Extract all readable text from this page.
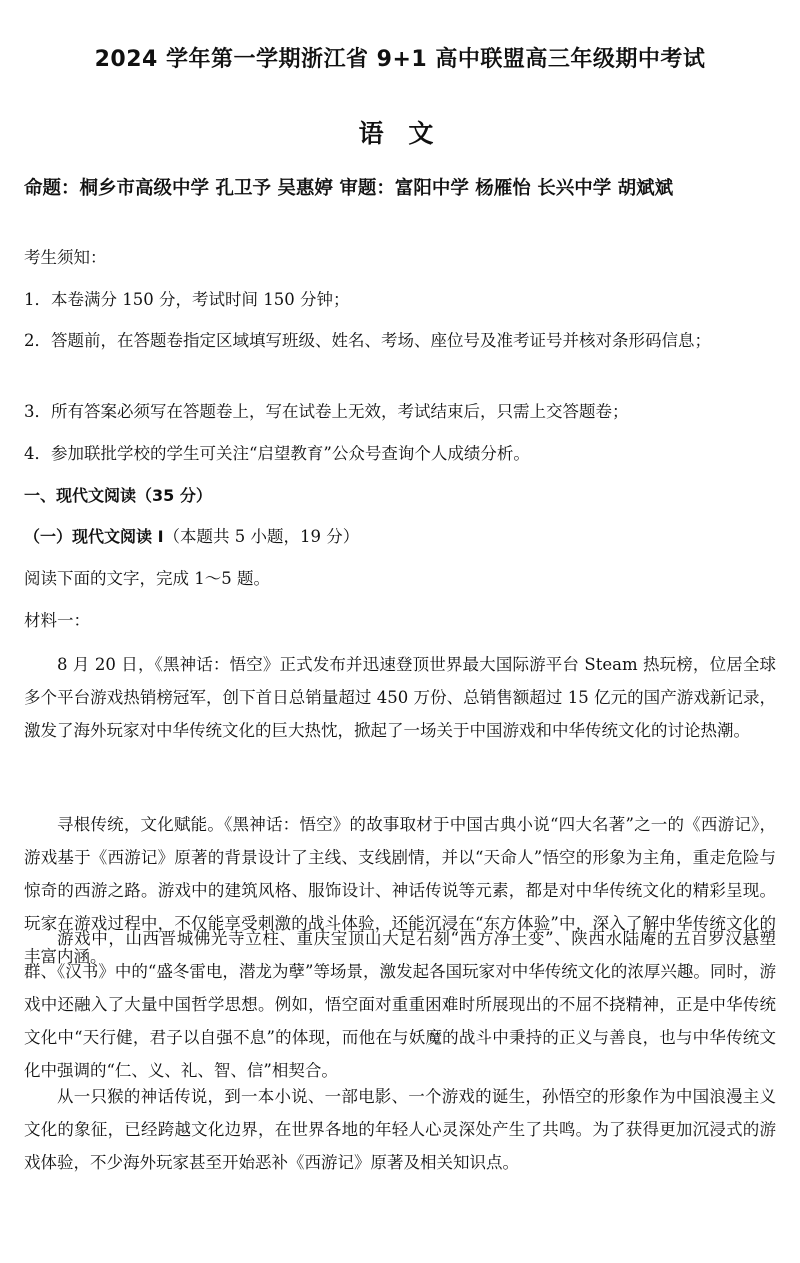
2024 学年第一学期浙江省 9+1 高中联盟高三年级期中考试
语 文
命题：桐乡市高级中学 孔卫予 吴惠婷 审题：富阳中学 杨雁怡 长兴中学 胡斌斌
考生须知：
1．本卷满分 150 分，考试时间 150 分钟；
2．答题前，在答题卷指定区域填写班级、姓名、考场、座位号及准考证号并核对条形码信息；
3．所有答案必须写在答题卷上，写在试卷上无效，考试结束后，只需上交答题卷；
4．参加联批学校的学生可关注“启望教育”公众号查询个人成绩分析。
一、现代文阅读（35 分）
（一）现代文阅读 I（本题共 5 小题，19 分）
阅读下面的文字，完成 1～5 题。
材料一：
8 月 20 日，《黑神话：悟空》正式发布并迅速登顶世界最大国际游平台 Steam 热玩榜，位居全球多个平台游戏热销榜冠军，创下首日总销量超过 450 万份、总销售额超过 15 亿元的国产游戏新记录，激发了海外玩家对中华传统文化的巨大热忱，掀起了一场关于中国游戏和中华传统文化的讨论热潮。
寻根传统，文化赋能。《黑神话：悟空》的故事取材于中国古典小说“四大名著”之一的《西游记》，游戏基于《西游记》原著的背景设计了主线、支线剧情，并以“天命人”悟空的形象为主角，重走危险与惊奇的西游之路。游戏中的建筑风格、服饰设计、神话传说等元素，都是对中华传统文化的精彩呈现。玩家在游戏过程中，不仅能享受刺激的战斗体验，还能沉浸在“东方体验”中，深入了解中华传统文化的丰富内涵。
游戏中，山西晋城佛光寺立柱、重庆宝顶山大足石刻“西方净土变”、陕西水陆庵的五百罗汉悬塑群、《汉书》中的“盛冬雷电，潜龙为孽”等场景，激发起各国玩家对中华传统文化的浓厚兴趣。同时，游戏中还融入了大量中国哲学思想。例如，悟空面对重重困难时所展现出的不屈不挠精神，正是中华传统文化中“天行健，君子以自强不息”的体现，而他在与妖魔的战斗中秉持的正义与善良，也与中华传统文化中强调的“仁、义、礼、智、信”相契合。
从一只猴的神话传说，到一本小说、一部电影、一个游戏的诞生，孙悟空的形象作为中国浪漫主义文化的象征，已经跨越文化边界，在世界各地的年轻人心灵深处产生了共鸣。为了获得更加沉浸式的游戏体验，不少海外玩家甚至开始恶补《西游记》原著及相关知识点。
